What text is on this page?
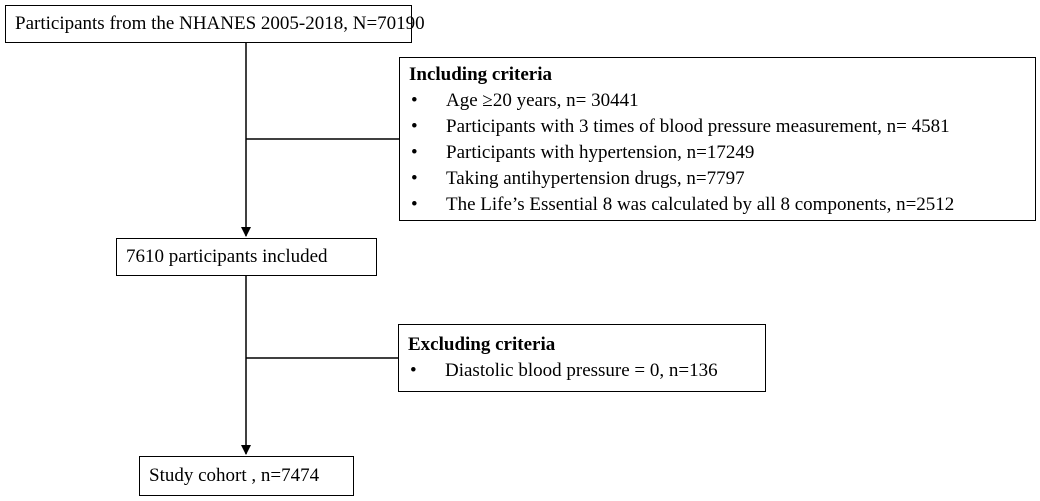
Participants from the NHANES 2005-2018, N=70190
Including criteria
• Age ≥20 years, n= 30441
• Participants with 3 times of blood pressure measurement, n= 4581
• Participants with hypertension, n=17249
• Taking antihypertension drugs, n=7797
• The Life’s Essential 8 was calculated by all 8 components, n=2512
7610 participants included
Excluding criteria
• Diastolic blood pressure = 0, n=136
Study cohort , n=7474
